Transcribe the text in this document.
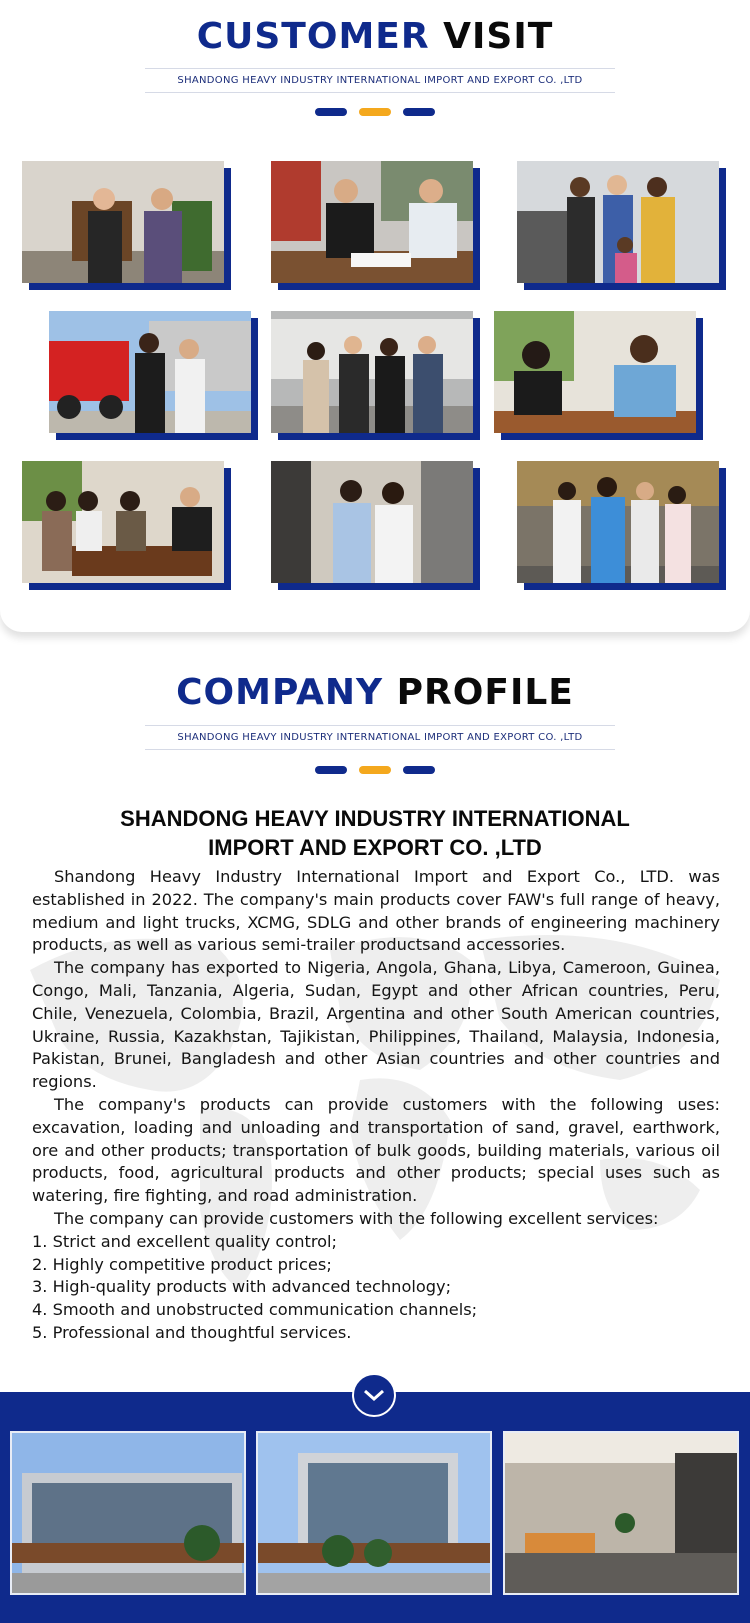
CUSTOMER VISIT
SHANDONG HEAVY INDUSTRY INTERNATIONAL IMPORT AND EXPORT CO. ,LTD
COMPANY PROFILE
SHANDONG HEAVY INDUSTRY INTERNATIONAL IMPORT AND EXPORT CO. ,LTD
SHANDONG HEAVY INDUSTRY INTERNATIONAL
IMPORT AND EXPORT CO. ,LTD

Shandong Heavy Industry International Import and Export Co., LTD. was established in 2022. The company's main products cover FAW's full range of heavy, medium and light trucks, XCMG, SDLG and other brands of engineering machinery products, as well as various semi-trailer productsand accessories.

The company has exported to Nigeria, Angola, Ghana, Libya, Cameroon, Guinea, Congo, Mali, Tanzania, Algeria, Sudan, Egypt and other African countries, Peru, Chile, Venezuela, Colombia, Brazil, Argentina and other South American countries, Ukraine, Russia, Kazakhstan, Tajikistan, Philippines, Thailand, Malaysia, Indonesia, Pakistan, Brunei, Bangladesh and other Asian countries and other countries and regions.

The company's products can provide customers with the following uses: excavation, loading and unloading and transportation of sand, gravel, earthwork, ore and other products; transportation of bulk goods, building materials, various oil products, food, agricultural products and other products; special uses such as watering, fire fighting, and road administration.

The company can provide customers with the following excellent services:

1. Strict and excellent quality control;

2. Highly competitive product prices;

3. High-quality products with advanced technology;

4. Smooth and unobstructed communication channels;

5. Professional and thoughtful services.
